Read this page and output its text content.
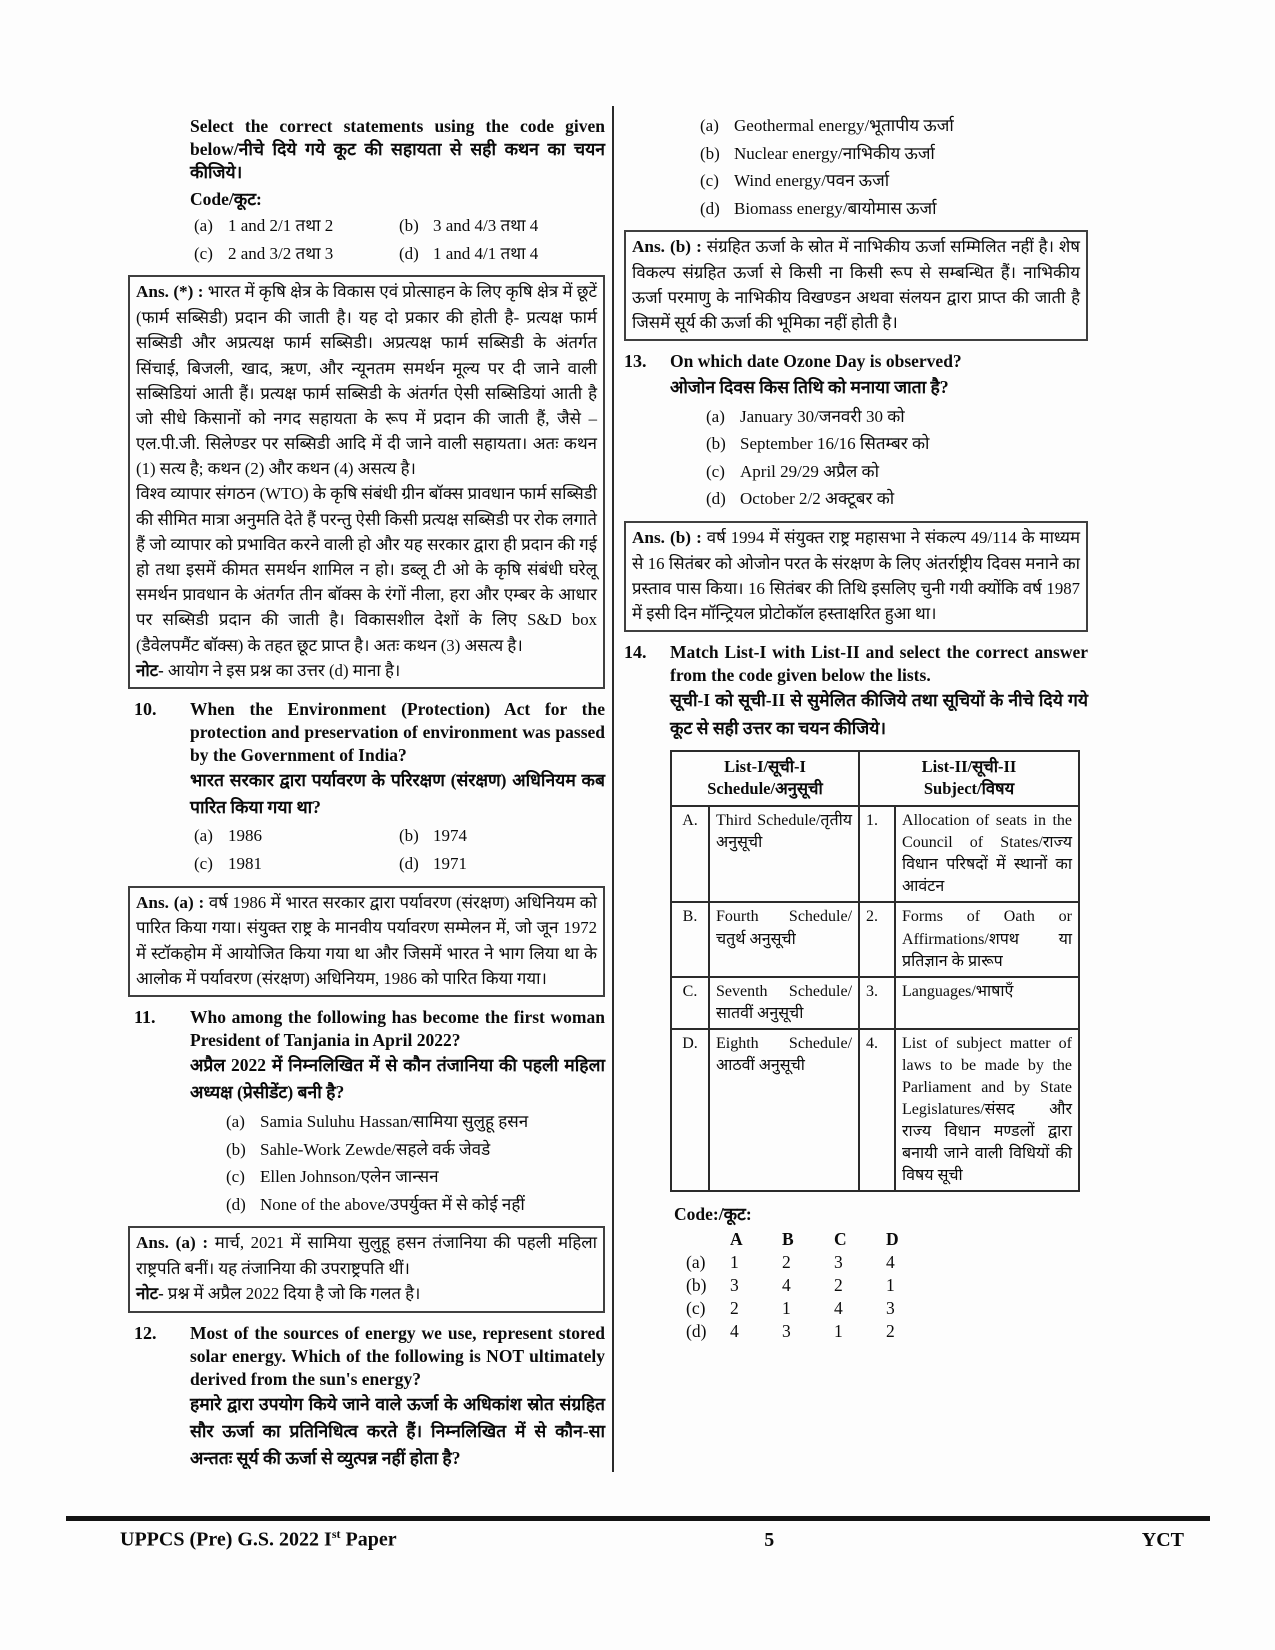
Select the correct statements using the code given below/नीचे दिये गये कूट की सहायता से सही कथन का चयन कीजिये।
Code/कूट:
(a) 1 and 2/1 तथा 2	(b) 3 and 4/3 तथा 4
(c) 2 and 3/2 तथा 3	(d) 1 and 4/1 तथा 4

Ans. (*) : भारत में कृषि क्षेत्र के विकास एवं प्रोत्साहन के लिए कृषि क्षेत्र में छूटें (फार्म सब्सिडी) प्रदान की जाती है। यह दो प्रकार की होती है- प्रत्यक्ष फार्म सब्सिडी और अप्रत्यक्ष फार्म सब्सिडी। अप्रत्यक्ष फार्म सब्सिडी के अंतर्गत सिंचाई, बिजली, खाद, ऋण, और न्यूनतम समर्थन मूल्य पर दी जाने वाली सब्सिडियां आती हैं। प्रत्यक्ष फार्म सब्सिडी के अंतर्गत ऐसी सब्सिडियां आती है जो सीधे किसानों को नगद सहायता के रूप में प्रदान की जाती हैं, जैसे – एल.पी.जी. सिलेण्डर पर सब्सिडी आदि में दी जाने वाली सहायता। अतः कथन (1) सत्य है; कथन (2) और कथन (4) असत्य है।

विश्व व्यापार संगठन (WTO) के कृषि संबंधी ग्रीन बॉक्स प्रावधान फार्म सब्सिडी की सीमित मात्रा अनुमति देते हैं परन्तु ऐसी किसी प्रत्यक्ष सब्सिडी पर रोक लगाते हैं जो व्यापार को प्रभावित करने वाली हो और यह सरकार द्वारा ही प्रदान की गई हो तथा इसमें कीमत समर्थन शामिल न हो। डब्लू टी ओ के कृषि संबंधी घरेलू समर्थन प्रावधान के अंतर्गत तीन बॉक्स के रंगों नीला, हरा और एम्बर के आधार पर सब्सिडी प्रदान की जाती है। विकासशील देशों के लिए S&D box (डैवेलपमैंट बॉक्स) के तहत छूट प्राप्त है। अतः कथन (3) असत्य है।

नोट- आयोग ने इस प्रश्न का उत्तर (d) माना है।

10.	When the Environment (Protection) Act for the protection and preservation of environment was passed by the Government of India?
भारत सरकार द्वारा पर्यावरण के परिरक्षण (संरक्षण) अधिनियम कब पारित किया गया था?
(a) 1986	(b) 1974
(c) 1981	(d) 1971

Ans. (a) : वर्ष 1986 में भारत सरकार द्वारा पर्यावरण (संरक्षण) अधिनियम को पारित किया गया। संयुक्त राष्ट्र के मानवीय पर्यावरण सम्मेलन में, जो जून 1972 में स्टॉकहोम में आयोजित किया गया था और जिसमें भारत ने भाग लिया था के आलोक में पर्यावरण (संरक्षण) अधिनियम, 1986 को पारित किया गया।

11.	Who among the following has become the first woman President of Tanjania in April 2022?
अप्रैल 2022 में निम्नलिखित में से कौन तंजानिया की पहली महिला अध्यक्ष (प्रेसीडेंट) बनी है?
(a) Samia Suluhu Hassan/सामिया सुलुहू हसन
(b) Sahle-Work Zewde/सहले वर्क जेवडे
(c) Ellen Johnson/एलेन जान्सन
(d) None of the above/उपर्युक्त में से कोई नहीं

Ans. (a) : मार्च, 2021 में सामिया सुलुहू हसन तंजानिया की पहली महिला राष्ट्रपति बनीं। यह तंजानिया की उपराष्ट्रपति थीं।

नोट- प्रश्न में अप्रैल 2022 दिया है जो कि गलत है।

12.	Most of the sources of energy we use, represent stored solar energy. Which of the following is NOT ultimately derived from the sun's energy?
हमारे द्वारा उपयोग किये जाने वाले ऊर्जा के अधिकांश स्रोत संग्रहित सौर ऊर्जा का प्रतिनिधित्व करते हैं। निम्नलिखित में से कौन-सा अन्ततः सूर्य की ऊर्जा से व्युत्पन्न नहीं होता है?
(a) Geothermal energy/भूतापीय ऊर्जा
(b) Nuclear energy/नाभिकीय ऊर्जा
(c) Wind energy/पवन ऊर्जा
(d) Biomass energy/बायोमास ऊर्जा

Ans. (b) : संग्रहित ऊर्जा के स्रोत में नाभिकीय ऊर्जा सम्मिलित नहीं है। शेष विकल्प संग्रहित ऊर्जा से किसी ना किसी रूप से सम्बन्धित हैं। नाभिकीय ऊर्जा परमाणु के नाभिकीय विखण्डन अथवा संलयन द्वारा प्राप्त की जाती है जिसमें सूर्य की ऊर्जा की भूमिका नहीं होती है।

13.	On which date Ozone Day is observed?
ओजोन दिवस किस तिथि को मनाया जाता है?
(a) January 30/जनवरी 30 को
(b) September 16/16 सितम्बर को
(c) April 29/29 अप्रैल को
(d) October 2/2 अक्टूबर को

Ans. (b) : वर्ष 1994 में संयुक्त राष्ट्र महासभा ने संकल्प 49/114 के माध्यम से 16 सितंबर को ओजोन परत के संरक्षण के लिए अंतर्राष्ट्रीय दिवस मनाने का प्रस्ताव पास किया। 16 सितंबर की तिथि इसलिए चुनी गयी क्योंकि वर्ष 1987 में इसी दिन मॉन्ट्रियल प्रोटोकॉल हस्ताक्षरित हुआ था।

14.	Match List-I with List-II and select the correct answer from the code given below the lists.
सूची-I को सूची-II से सुमेलित कीजिये तथा सूचियों के नीचे दिये गये कूट से सही उत्तर का चयन कीजिये।
List-I/सूची-I
Schedule/अनुसूची

List-II/सूची-II
Subject/विषय

A.	Third Schedule/तृतीय अनुसूची	1.	Allocation of seats in the Council of States/राज्य विधान परिषदों में स्थानों का आवंटन
B.	Fourth Schedule/चतुर्थ अनुसूची	2.	Forms of Oath or Affirmations/शपथ या प्रतिज्ञान के प्रारूप
C.	Seventh Schedule/सातवीं अनुसूची	3.	Languages/भाषाएँ
D.	Eighth Schedule/आठवीं अनुसूची	4.	List of subject matter of laws to be made by the Parliament and by State Legislatures/संसद और राज्य विधान मण्डलों द्वारा बनायी जाने वाली विधियों की विषय सूची
Code:/कूट:
	A	B	C	D
(a)	1	2	3	4
(b)	3	4	2	1
(c)	2	1	4	3
(d)	4	3	1	2
UPPCS (Pre) G.S. 2022 Ist Paper	5	YCT
